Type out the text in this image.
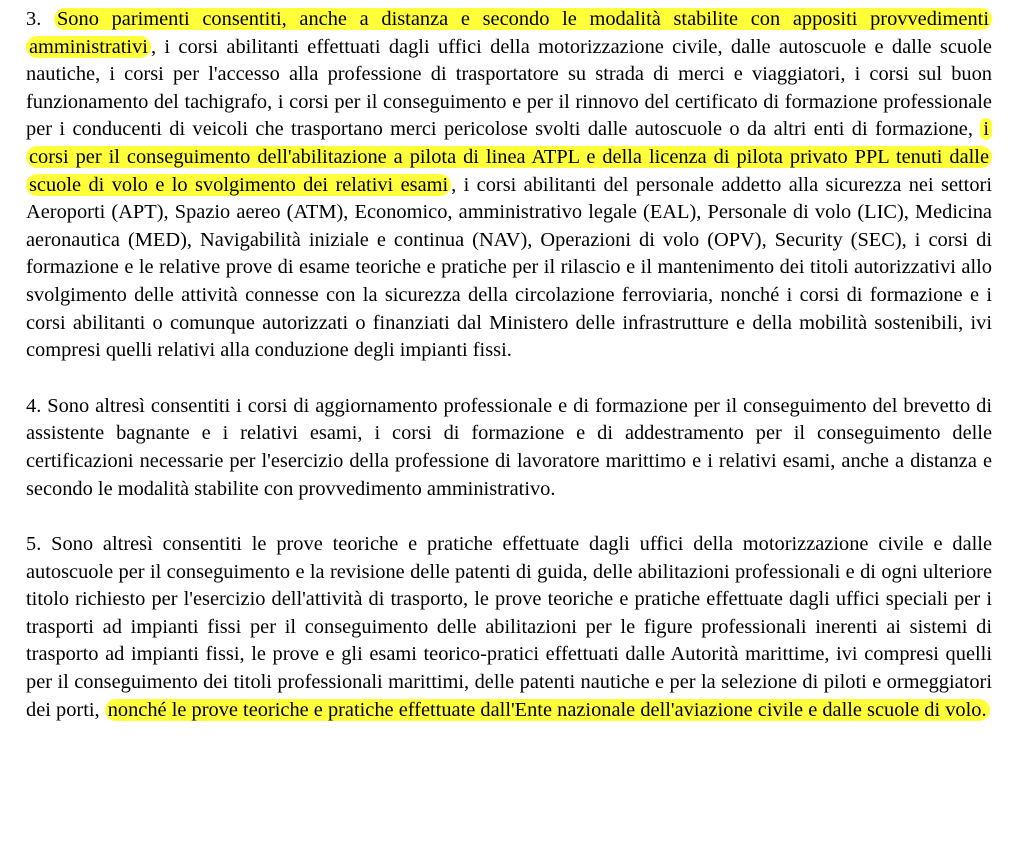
3. Sono parimenti consentiti, anche a distanza e secondo le modalità stabilite con appositi provvedimenti amministrativi , i corsi abilitanti effettuati dagli uffici della motorizzazione civile, dalle autoscuole e dalle scuole nautiche, i corsi per l'accesso alla professione di trasportatore su strada di merci e viaggiatori, i corsi sul buon funzionamento del tachigrafo, i corsi per il conseguimento e per il rinnovo del certificato di formazione professionale per i conducenti di veicoli che trasportano merci pericolose svolti dalle autoscuole o da altri enti di formazione, i corsi per il conseguimento dell'abilitazione a pilota di linea ATPL e della licenza di pilota privato PPL tenuti dalle scuole di volo e lo svolgimento dei relativi esami , i corsi abilitanti del personale addetto alla sicurezza nei settori Aeroporti (APT), Spazio aereo (ATM), Economico, amministrativo legale (EAL), Personale di volo (LIC), Medicina aeronautica (MED), Navigabilità iniziale e continua (NAV), Operazioni di volo (OPV), Security (SEC), i corsi di formazione e le relative prove di esame teoriche e pratiche per il rilascio e il mantenimento dei titoli autorizzativi allo svolgimento delle attività connesse con la sicurezza della circolazione ferroviaria, nonché i corsi di formazione e i corsi abilitanti o comunque autorizzati o finanziati dal Ministero delle infrastrutture e della mobilità sostenibili, ivi compresi quelli relativi alla conduzione degli impianti fissi.

4. Sono altresì consentiti i corsi di aggiornamento professionale e di formazione per il conseguimento del brevetto di assistente bagnante e i relativi esami, i corsi di formazione e di addestramento per il conseguimento delle certificazioni necessarie per l'esercizio della professione di lavoratore marittimo e i relativi esami, anche a distanza e secondo le modalità stabilite con provvedimento amministrativo.

5. Sono altresì consentiti le prove teoriche e pratiche effettuate dagli uffici della motorizzazione civile e dalle autoscuole per il conseguimento e la revisione delle patenti di guida, delle abilitazioni professionali e di ogni ulteriore titolo richiesto per l'esercizio dell'attività di trasporto, le prove teoriche e pratiche effettuate dagli uffici speciali per i trasporti ad impianti fissi per il conseguimento delle abilitazioni per le figure professionali inerenti ai sistemi di trasporto ad impianti fissi, le prove e gli esami teorico-pratici effettuati dalle Autorità marittime, ivi compresi quelli per il conseguimento dei titoli professionali marittimi, delle patenti nautiche e per la selezione di piloti e ormeggiatori dei porti, nonché le prove teoriche e pratiche effettuate dall'Ente nazionale dell'aviazione civile e dalle scuole di volo.
